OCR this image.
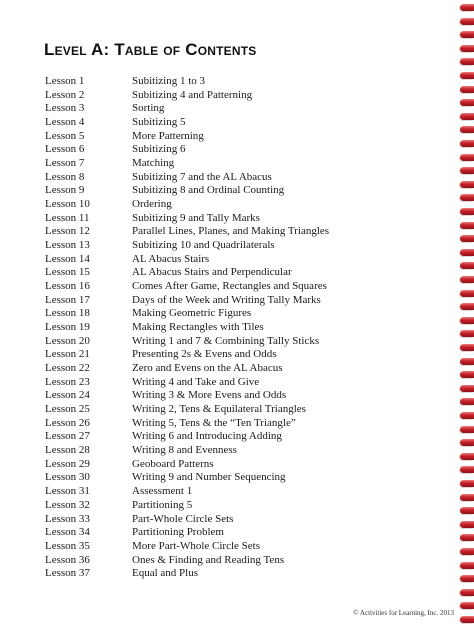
Level A: Table of Contents
Lesson 1	Subitizing 1 to 3
Lesson 2	Subitizing 4 and Patterning
Lesson 3	Sorting
Lesson 4	Subitizing 5
Lesson 5	More Patterning
Lesson 6	Subitizing 6
Lesson 7	Matching
Lesson 8	Subitizing 7 and the AL Abacus
Lesson 9	Subitizing 8 and Ordinal Counting
Lesson 10	Ordering
Lesson 11	Subitizing 9 and Tally Marks
Lesson 12	Parallel Lines, Planes, and Making Triangles
Lesson 13	Subitizing 10 and Quadrilaterals
Lesson 14	AL Abacus Stairs
Lesson 15	AL Abacus Stairs and Perpendicular
Lesson 16	Comes After Game, Rectangles and Squares
Lesson 17	Days of the Week and Writing Tally Marks
Lesson 18	Making Geometric Figures
Lesson 19	Making Rectangles with Tiles
Lesson 20	Writing 1 and 7 & Combining Tally Sticks
Lesson 21	Presenting 2s & Evens and Odds
Lesson 22	Zero and Evens on the AL Abacus
Lesson 23	Writing 4 and Take and Give
Lesson 24	Writing 3 & More Evens and Odds
Lesson 25	Writing 2, Tens & Equilateral Triangles
Lesson 26	Writing 5, Tens & the “Ten Triangle”
Lesson 27	Writing 6 and Introducing Adding
Lesson 28	Writing 8 and Evenness
Lesson 29	Geoboard Patterns
Lesson 30	Writing 9 and Number Sequencing
Lesson 31	Assessment 1
Lesson 32	Partitioning 5
Lesson 33	Part-Whole Circle Sets
Lesson 34	Partitioning Problem
Lesson 35	More Part-Whole Circle Sets
Lesson 36	Ones & Finding and Reading Tens
Lesson 37	Equal and Plus
© Activities for Learning, Inc. 2013
